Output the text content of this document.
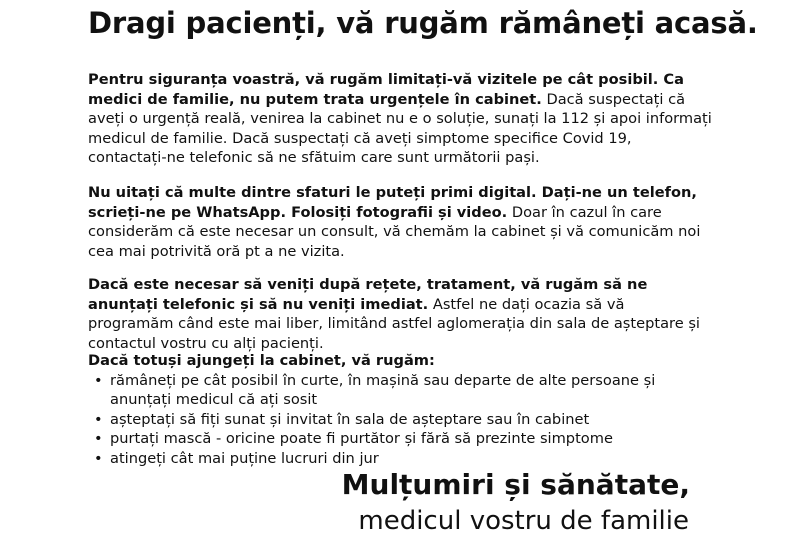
Dragi pacienți, vă rugăm rămâneți acasă.

Pentru siguranța voastră, vă rugăm limitați-vă vizitele pe cât posibil. Ca medici de familie, nu putem trata urgențele în cabinet. Dacă suspectați că aveți o urgență reală, venirea la cabinet nu e o soluție, sunați la 112 și apoi informați medicul de familie. Dacă suspectați că aveți simptome specifice Covid 19, contactați-ne telefonic să ne sfătuim care sunt următorii pași.

Nu uitați că multe dintre sfaturi le puteți primi digital. Dați-ne un telefon, scrieți-ne pe WhatsApp. Folosiți fotografii și video. Doar în cazul în care considerăm că este necesar un consult, vă chemăm la cabinet și vă comunicăm noi cea mai potrivită oră pt a ne vizita.

Dacă este necesar să veniți după rețete, tratament, vă rugăm să ne anunțați telefonic și să nu veniți imediat. Astfel ne dați ocazia să vă programăm când este mai liber, limitând astfel aglomerația din sala de așteptare și contactul vostru cu alți pacienți.

Dacă totuși ajungeți la cabinet, vă rugăm:
• rămâneți pe cât posibil în curte, în mașină sau departe de alte persoane și anunțați medicul că ați sosit
• așteptați să fiți sunat și invitat în sala de așteptare sau în cabinet
• purtați mască - oricine poate fi purtător și fără să prezinte simptome
• atingeți cât mai puține lucruri din jur

Mulțumiri și sănătate,

medicul vostru de familie
